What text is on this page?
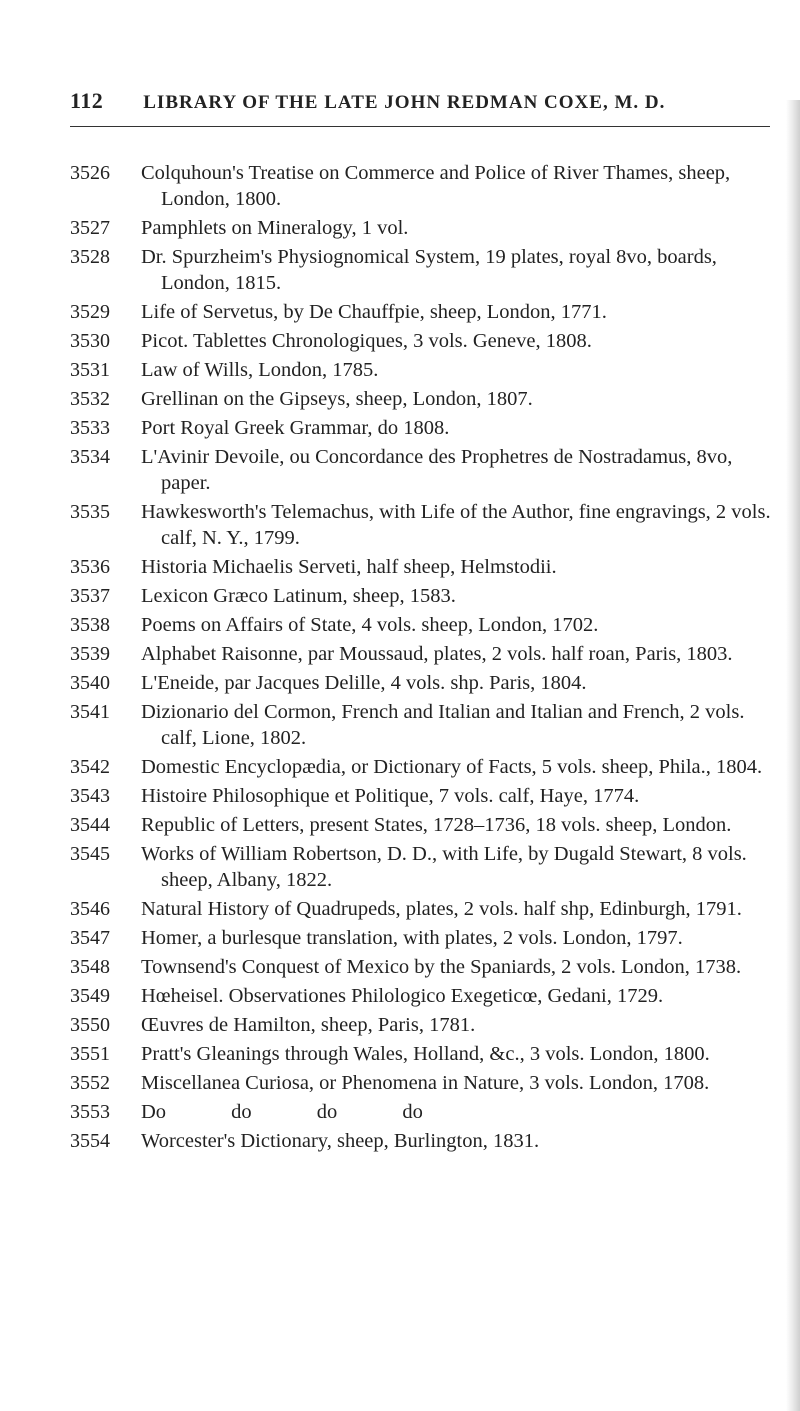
112 LIBRARY OF THE LATE JOHN REDMAN COXE, M. D.
3526	Colquhoun's Treatise on Commerce and Police of River Thames, sheep, London, 1800.
3527	Pamphlets on Mineralogy, 1 vol.
3528	Dr. Spurzheim's Physiognomical System, 19 plates, royal 8vo, boards, London, 1815.
3529	Life of Servetus, by De Chauffpie, sheep, London, 1771.
3530	Picot. Tablettes Chronologiques, 3 vols. Geneve, 1808.
3531	Law of Wills, London, 1785.
3532	Grellinan on the Gipseys, sheep, London, 1807.
3533	Port Royal Greek Grammar, do 1808.
3534	L'Avinir Devoile, ou Concordance des Prophetres de Nostradamus, 8vo, paper.
3535	Hawkesworth's Telemachus, with Life of the Author, fine engravings, 2 vols. calf, N. Y., 1799.
3536	Historia Michaelis Serveti, half sheep, Helmstodii.
3537	Lexicon Græco Latinum, sheep, 1583.
3538	Poems on Affairs of State, 4 vols. sheep, London, 1702.
3539	Alphabet Raisonne, par Moussaud, plates, 2 vols. half roan, Paris, 1803.
3540	L'Eneide, par Jacques Delille, 4 vols. shp. Paris, 1804.
3541	Dizionario del Cormon, French and Italian and Italian and French, 2 vols. calf, Lione, 1802.
3542	Domestic Encyclopædia, or Dictionary of Facts, 5 vols. sheep, Phila., 1804.
3543	Histoire Philosophique et Politique, 7 vols. calf, Haye, 1774.
3544	Republic of Letters, present States, 1728–1736, 18 vols. sheep, London.
3545	Works of William Robertson, D. D., with Life, by Dugald Stewart, 8 vols. sheep, Albany, 1822.
3546	Natural History of Quadrupeds, plates, 2 vols. half shp, Edinburgh, 1791.
3547	Homer, a burlesque translation, with plates, 2 vols. London, 1797.
3548	Townsend's Conquest of Mexico by the Spaniards, 2 vols. London, 1738.
3549	Hœheisel. Observationes Philologico Exegeticœ, Gedani, 1729.
3550	Œuvres de Hamilton, sheep, Paris, 1781.
3551	Pratt's Gleanings through Wales, Holland, &c., 3 vols. London, 1800.
3552	Miscellanea Curiosa, or Phenomena in Nature, 3 vols. London, 1708.
3553	Do do do do
3554	Worcester's Dictionary, sheep, Burlington, 1831.
